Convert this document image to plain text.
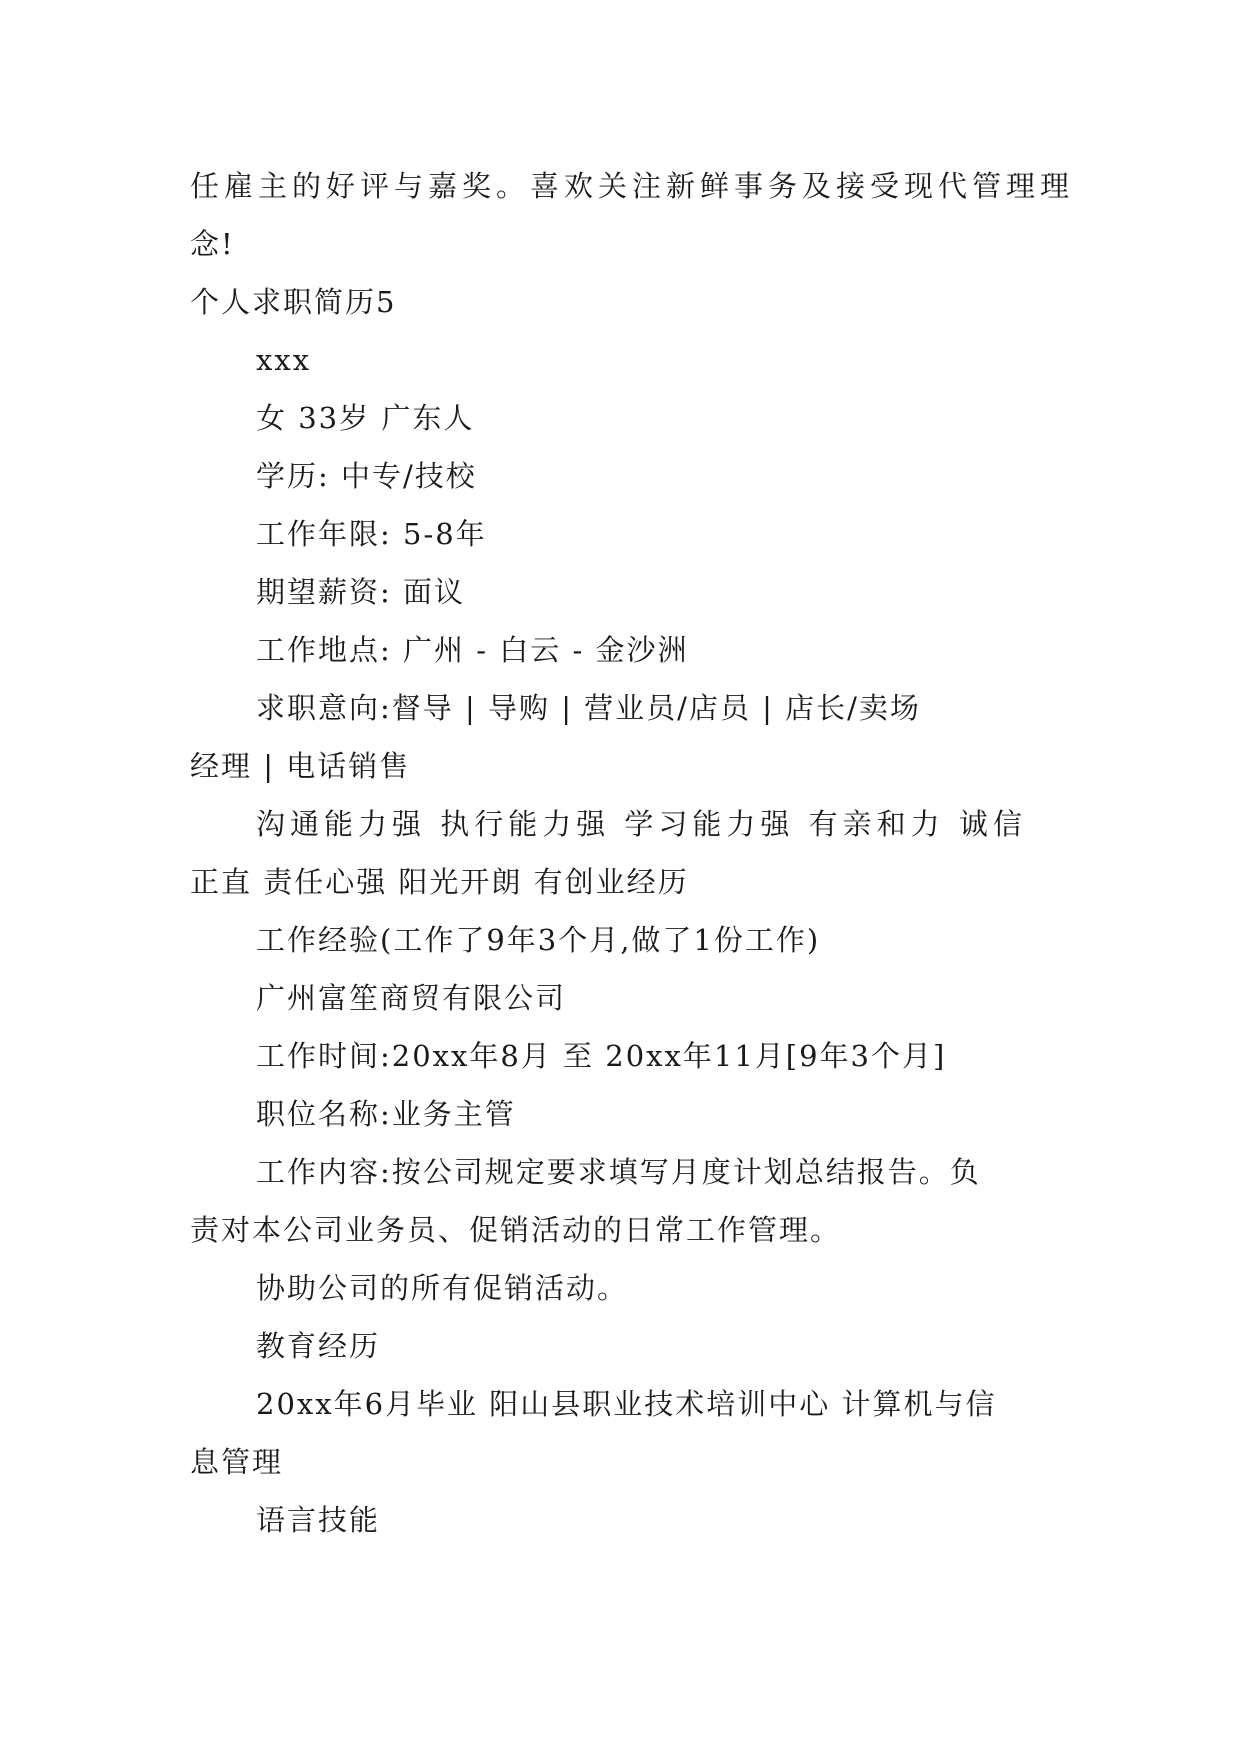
任雇主的好评与嘉奖。喜欢关注新鲜事务及接受现代管理理
念!
个人求职简历5
xxx
女 33岁 广东人
学历: 中专/技校
工作年限: 5-8年
期望薪资: 面议
工作地点: 广州 - 白云 - 金沙洲
求职意向:督导 | 导购 | 营业员/店员 | 店长/卖场
经理 | 电话销售
沟通能力强 执行能力强 学习能力强 有亲和力 诚信
正直 责任心强 阳光开朗 有创业经历
工作经验(工作了9年3个月,做了1份工作)
广州富笙商贸有限公司
工作时间:20xx年8月 至 20xx年11月[9年3个月]
职位名称:业务主管
工作内容:按公司规定要求填写月度计划总结报告。负
责对本公司业务员、促销活动的日常工作管理。
协助公司的所有促销活动。
教育经历
20xx年6月毕业 阳山县职业技术培训中心 计算机与信
息管理
语言技能
